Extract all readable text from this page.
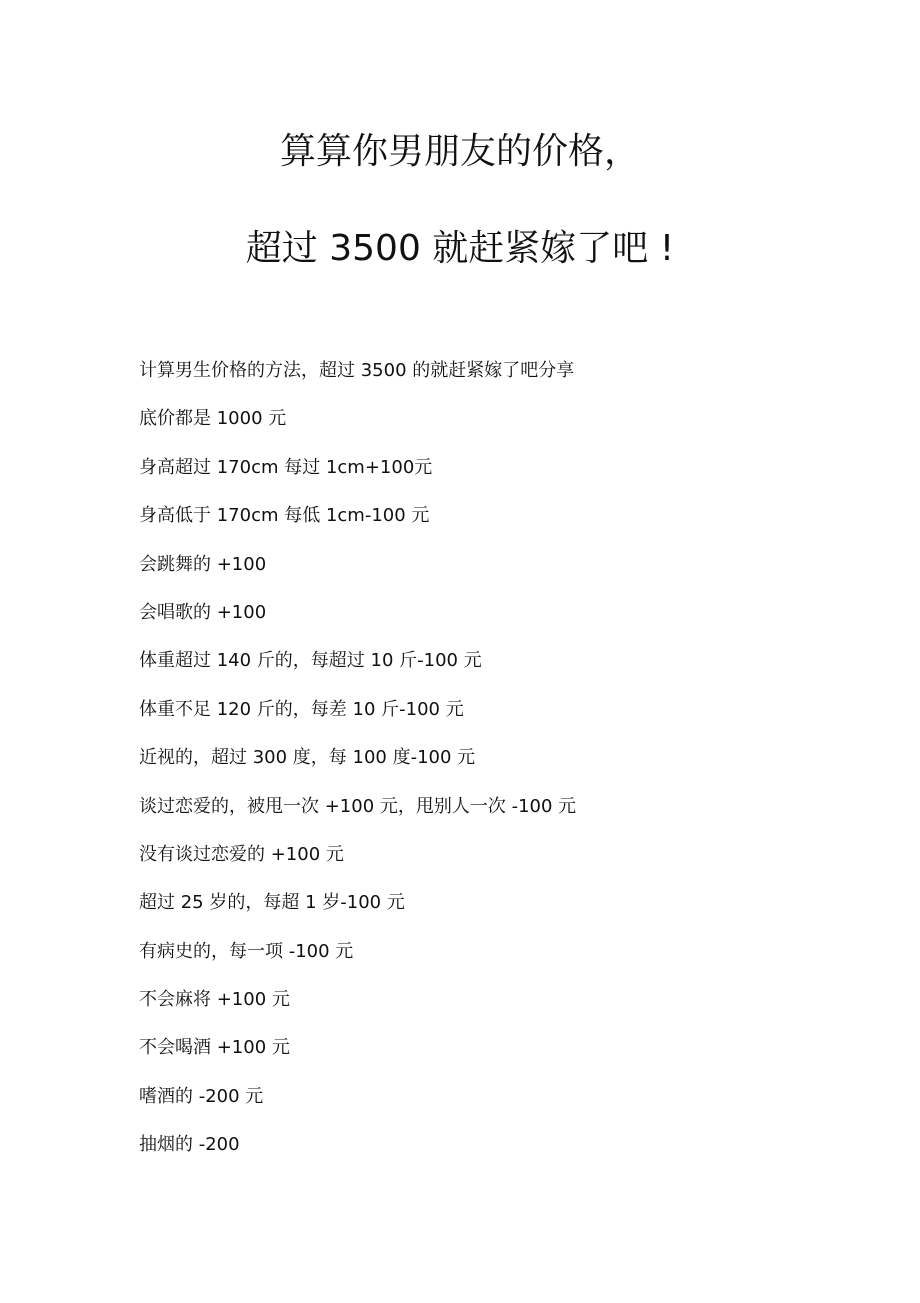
算算你男朋友的价格，
超过 3500 就赶紧嫁了吧 !
计算男生价格的方法，超过 3500 的就赶紧嫁了吧分享
底价都是 1000 元
身高超过 170cm 每过 1cm+100元
身高低于 170cm 每低 1cm-100 元
会跳舞的 +100
会唱歌的 +100
体重超过 140 斤的，每超过 10 斤-100 元
体重不足 120 斤的，每差 10 斤-100 元
近视的，超过 300 度，每 100 度-100 元
谈过恋爱的，被甩一次 +100 元，甩别人一次 -100 元
没有谈过恋爱的 +100 元
超过 25 岁的，每超 1 岁-100 元
有病史的，每一项 -100 元
不会麻将 +100 元
不会喝酒 +100 元
嗜酒的 -200 元
抽烟的 -200
